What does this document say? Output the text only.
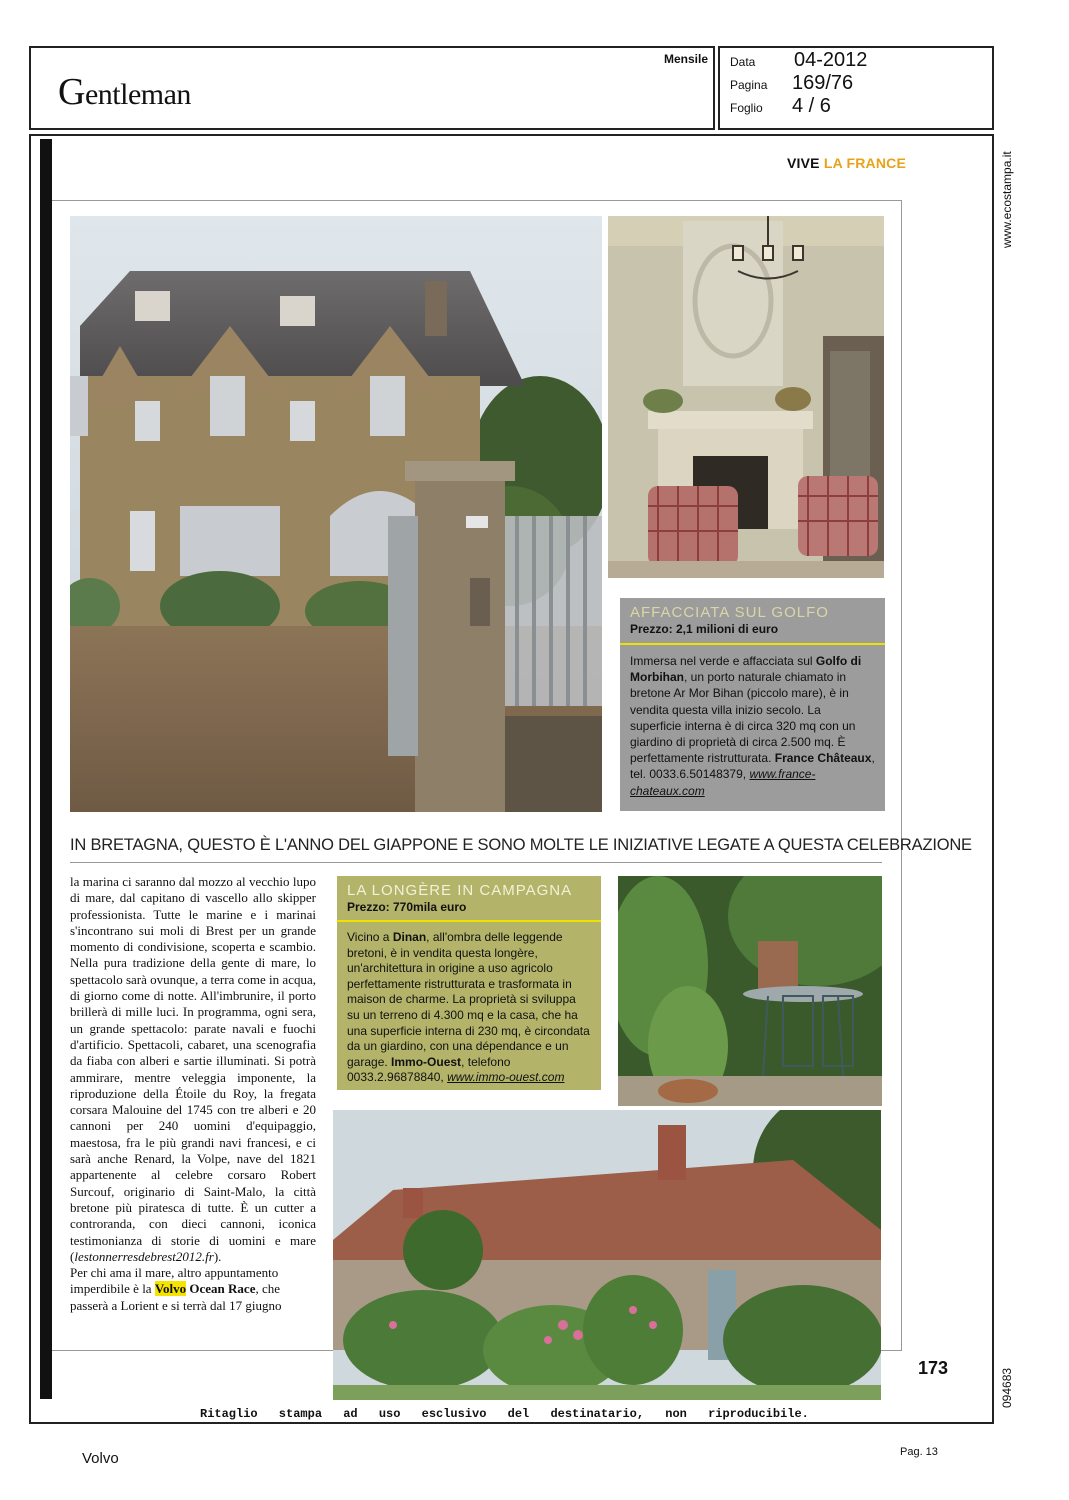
Gentleman
Mensile Data 04-2012
Pagina 169/76
Foglio 4 / 6
www.ecostampa.it
094683
VIVE LA FRANCE
AFFACCIATA SUL GOLFO
Prezzo: 2,1 milioni di euro
Immersa nel verde e affacciata sul Golfo di Morbihan, un porto naturale chiamato in bretone Ar Mor Bihan (piccolo mare), è in vendita questa villa inizio secolo. La superficie interna è di circa 320 mq con un giardino di proprietà di circa 2.500 mq. È perfettamente ristrutturata. France Châteaux, tel. 0033.6.50148379, www.france-chateaux.com
IN BRETAGNA, QUESTO È L'ANNO DEL GIAPPONE E SONO MOLTE LE INIZIATIVE LEGATE A QUESTA CELEBRAZIONE

la marina ci saranno dal mozzo al vecchio lupo di mare, dal capitano di vascello allo skipper professionista. Tutte le marine e i marinai s'incontrano sui moli di Brest per un grande momento di condivisione, scoperta e scambio. Nella pura tradizione della gente di mare, lo spettacolo sarà ovunque, a terra come in acqua, di giorno come di notte. All'imbrunire, il porto brillerà di mille luci. In programma, ogni sera, un grande spettacolo: parate navali e fuochi d'artificio. Spettacoli, cabaret, una scenografia da fiaba con alberi e sartie illuminati. Si potrà ammirare, mentre veleggia imponente, la riproduzione della Étoile du Roy, la fregata corsara Malouine del 1745 con tre alberi e 20 cannoni per 240 uomini d'equipaggio, maestosa, fra le più grandi navi francesi, e ci sarà anche Renard, la Volpe, nave del 1821 appartenente al celebre corsaro Robert Surcouf, originario di Saint-Malo, la città bretone più piratesca di tutte. È un cutter a controranda, con dieci cannoni, iconica testimonianza di storie di uomini e mare (lestonnerresdebrest2012.fr).

Per chi ama il mare, altro appuntamento imperdibile è la Volvo Ocean Race, che passerà a Lorient e si terrà dal 17 giugno

LA LONGÈRE IN CAMPAGNA
Prezzo: 770mila euro
Vicino a Dinan, all'ombra delle leggende bretoni, è in vendita questa longère, un'architettura in origine a uso agricolo perfettamente ristrutturata e trasformata in maison de charme. La proprietà si sviluppa su un terreno di 4.300 mq e la casa, che ha una superficie interna di 230 mq, è circondata da un giardino, con una dépendance e un garage. Immo-Ouest, telefono 0033.2.96878840, www.immo-ouest.com
173
Ritaglio stampa ad uso esclusivo del destinatario, non riproducibile.
Volvo	Pag. 13
